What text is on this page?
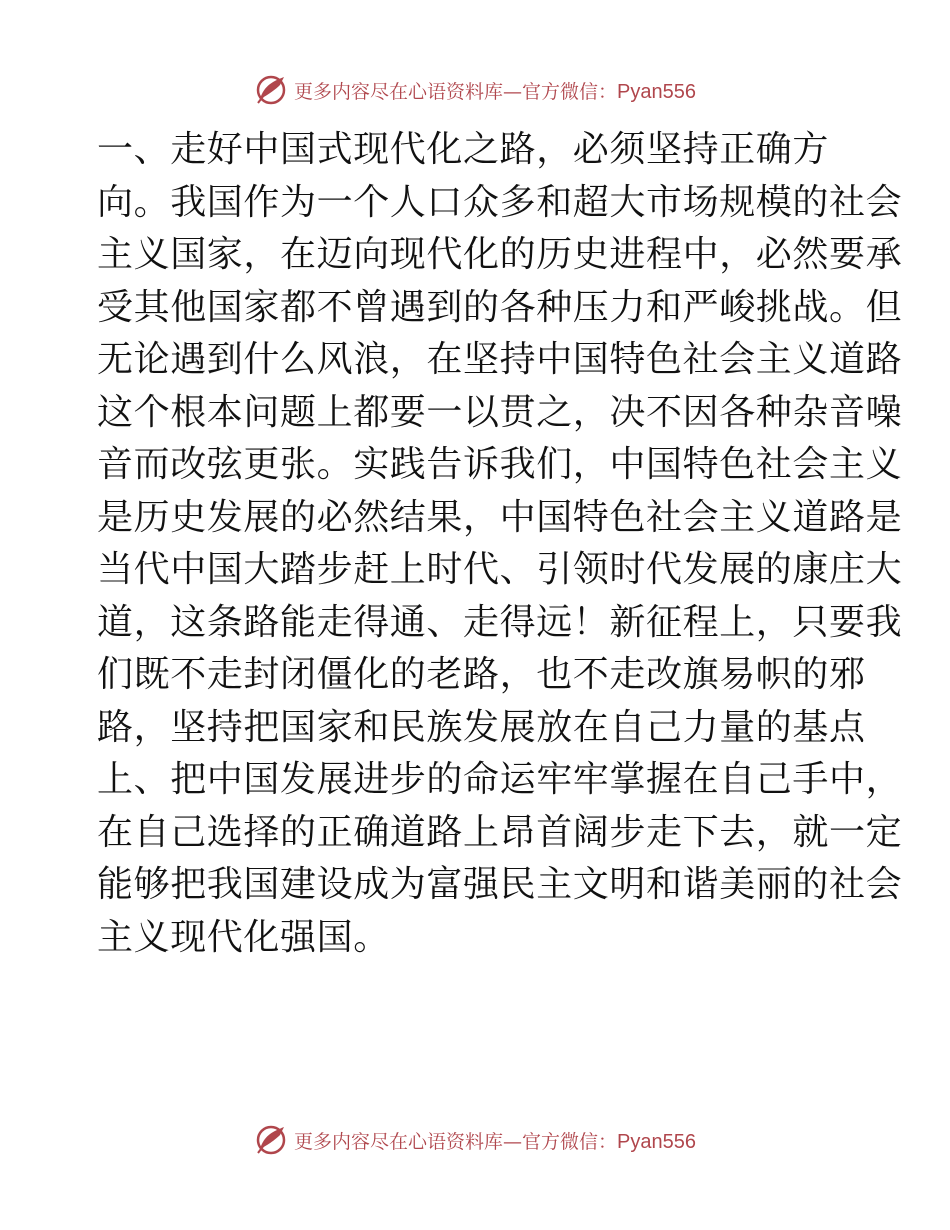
更多内容尽在心语资料库—官方微信：Pyan556
一、走好中国式现代化之路，必须坚持正确方
向。我国作为一个人口众多和超大市场规模的社会
主义国家，在迈向现代化的历史进程中，必然要承
受其他国家都不曾遇到的各种压力和严峻挑战。但
无论遇到什么风浪，在坚持中国特色社会主义道路
这个根本问题上都要一以贯之，决不因各种杂音噪
音而改弦更张。实践告诉我们，中国特色社会主义
是历史发展的必然结果，中国特色社会主义道路是
当代中国大踏步赶上时代、引领时代发展的康庄大
道，这条路能走得通、走得远！新征程上，只要我
们既不走封闭僵化的老路，也不走改旗易帜的邪
路，坚持把国家和民族发展放在自己力量的基点
上、把中国发展进步的命运牢牢掌握在自己手中，
在自己选择的正确道路上昂首阔步走下去，就一定
能够把我国建设成为富强民主文明和谐美丽的社会
主义现代化强国。
更多内容尽在心语资料库—官方微信：Pyan556
